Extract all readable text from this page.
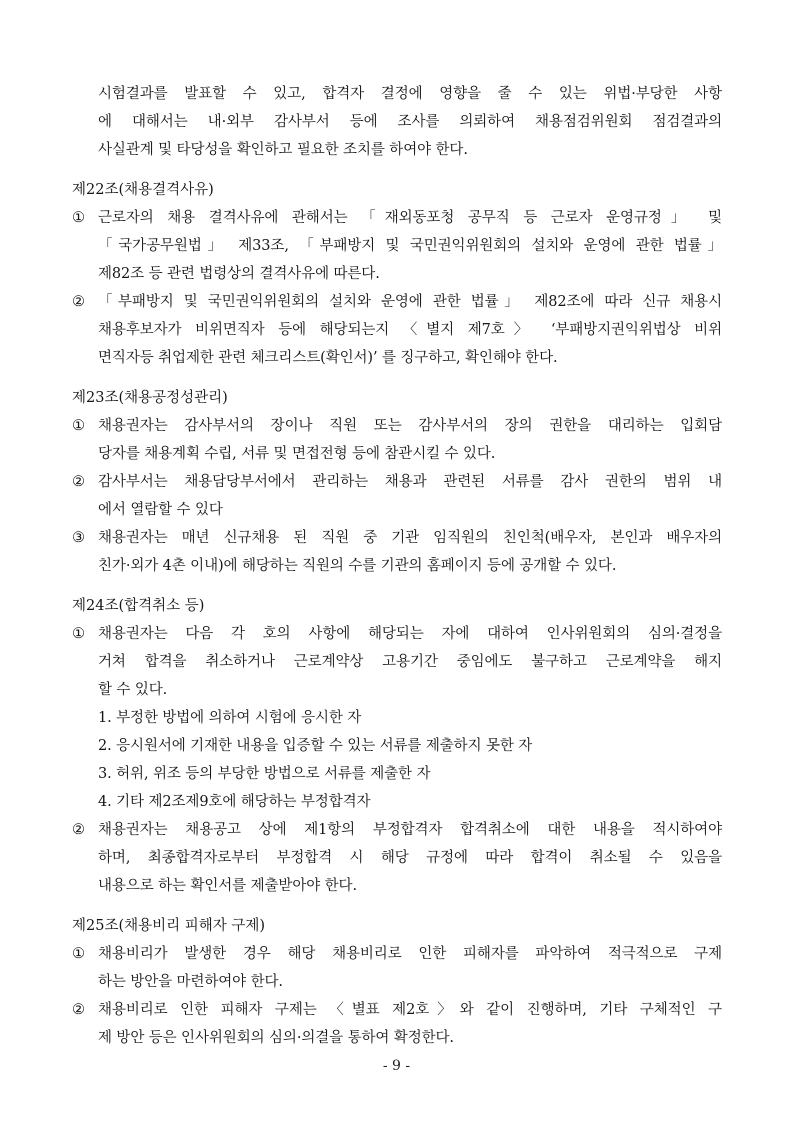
시험결과를 발표할 수 있고, 합격자 결정에 영향을 줄 수 있는 위법·부당한 사항
에 대해서는 내·외부 감사부서 등에 조사를 의뢰하여 채용점검위원회 점검결과의
사실관계 및 타당성을 확인하고 필요한 조치를 하여야 한다.
제22조(채용결격사유)
① 근로자의 채용 결격사유에 관해서는 「재외동포청 공무직 등 근로자 운영규정」 및
「국가공무원법」 제33조, 「부패방지 및 국민권익위원회의 설치와 운영에 관한 법률」
제82조 등 관련 법령상의 결격사유에 따른다.
② 「부패방지 및 국민권익위원회의 설치와 운영에 관한 법률」 제82조에 따라 신규 채용시
채용후보자가 비위면직자 등에 해당되는지 〈별지 제7호〉 ‘부패방지권익위법상 비위
면직자등 취업제한 관련 체크리스트(확인서)’ 를 징구하고, 확인해야 한다.
제23조(채용공정성관리)
① 채용권자는 감사부서의 장이나 직원 또는 감사부서의 장의 권한을 대리하는 입회담
당자를 채용계획 수립, 서류 및 면접전형 등에 참관시킬 수 있다.
② 감사부서는 채용담당부서에서 관리하는 채용과 관련된 서류를 감사 권한의 범위 내
에서 열람할 수 있다
③ 채용권자는 매년 신규채용 된 직원 중 기관 임직원의 친인척(배우자, 본인과 배우자의
친가·외가 4촌 이내)에 해당하는 직원의 수를 기관의 홈페이지 등에 공개할 수 있다.
제24조(합격취소 등)
① 채용권자는 다음 각 호의 사항에 해당되는 자에 대하여 인사위원회의 심의·결정을
거쳐 합격을 취소하거나 근로계약상 고용기간 중임에도 불구하고 근로계약을 해지
할 수 있다.
1. 부정한 방법에 의하여 시험에 응시한 자
2. 응시원서에 기재한 내용을 입증할 수 있는 서류를 제출하지 못한 자
3. 허위, 위조 등의 부당한 방법으로 서류를 제출한 자
4. 기타 제2조제9호에 해당하는 부정합격자
② 채용권자는 채용공고 상에 제1항의 부정합격자 합격취소에 대한 내용을 적시하여야
하며, 최종합격자로부터 부정합격 시 해당 규정에 따라 합격이 취소될 수 있음을
내용으로 하는 확인서를 제출받아야 한다.
제25조(채용비리 피해자 구제)
① 채용비리가 발생한 경우 해당 채용비리로 인한 피해자를 파악하여 적극적으로 구제
하는 방안을 마련하여야 한다.
② 채용비리로 인한 피해자 구제는 〈별표 제2호〉와 같이 진행하며, 기타 구체적인 구
제 방안 등은 인사위원회의 심의·의결을 통하여 확정한다.
- 9 -
